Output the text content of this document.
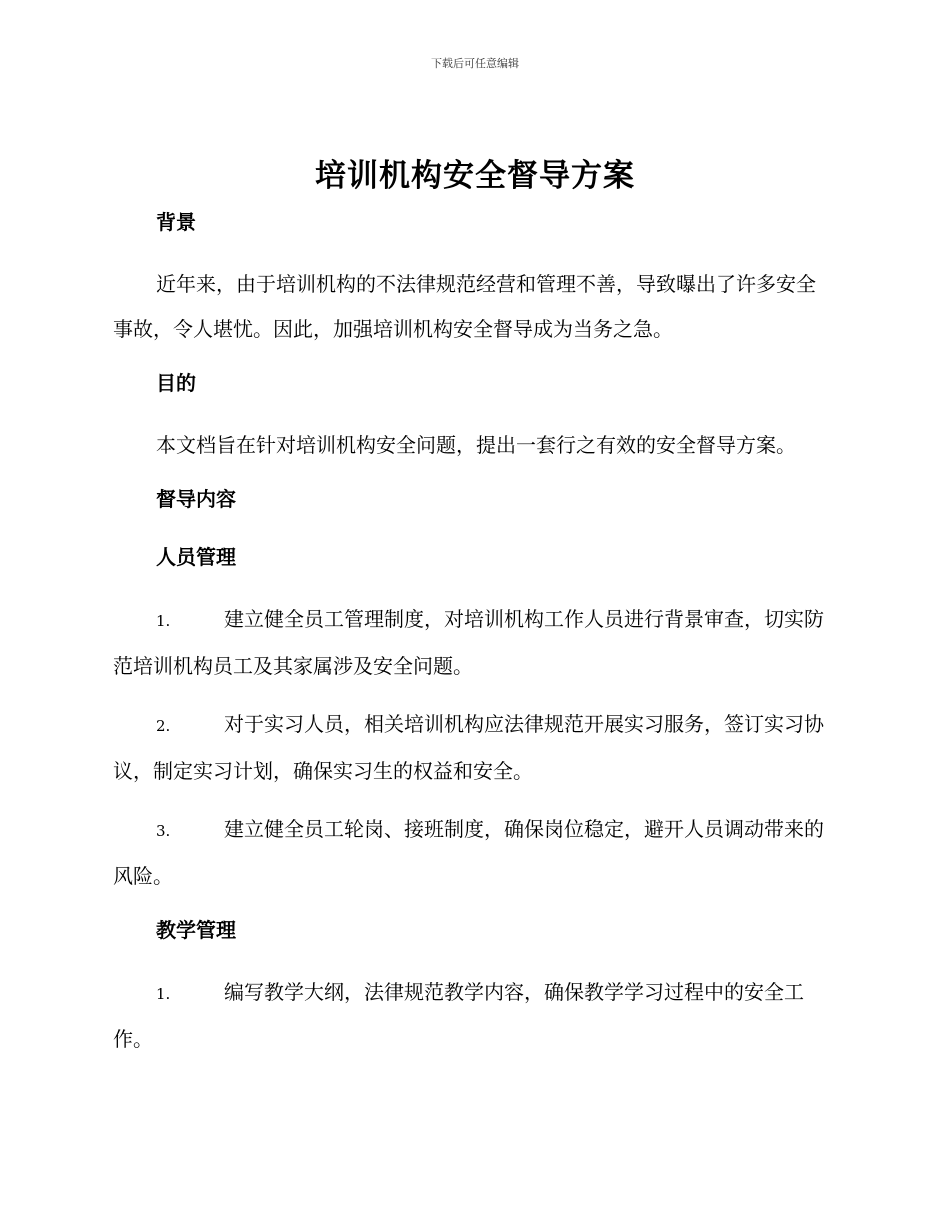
下载后可任意编辑
培训机构安全督导方案
背景
近年来，由于培训机构的不法律规范经营和管理不善，导致曝出了许多安全事故，令人堪忧。因此，加强培训机构安全督导成为当务之急。
目的
本文档旨在针对培训机构安全问题，提出一套行之有效的安全督导方案。
督导内容
人员管理
1.	建立健全员工管理制度，对培训机构工作人员进行背景审查，切实防范培训机构员工及其家属涉及安全问题。
2.	对于实习人员，相关培训机构应法律规范开展实习服务，签订实习协议，制定实习计划，确保实习生的权益和安全。
3.	建立健全员工轮岗、接班制度，确保岗位稳定，避开人员调动带来的风险。
教学管理
1.	编写教学大纲，法律规范教学内容，确保教学学习过程中的安全工作。
